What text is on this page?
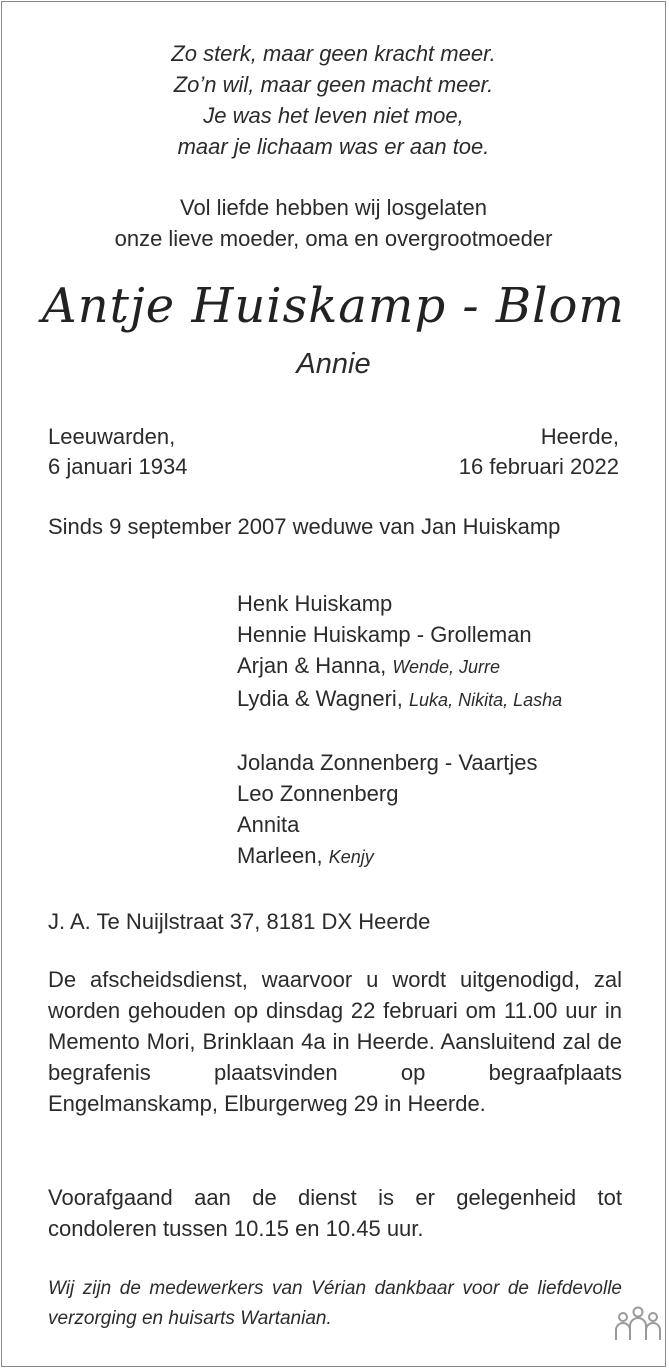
Zo sterk, maar geen kracht meer.
Zo’n wil, maar geen macht meer.
Je was het leven niet moe,
maar je lichaam was er aan toe.
Vol liefde hebben wij losgelaten
onze lieve moeder, oma en overgrootmoeder
Antje Huiskamp - Blom
Annie
Leeuwarden,
6 januari 1934
Heerde,
16 februari 2022
Sinds 9 september 2007 weduwe van Jan Huiskamp
Henk Huiskamp
Hennie Huiskamp - Grolleman
Arjan & Hanna, Wende, Jurre
Lydia & Wagneri, Luka, Nikita, Lasha
Jolanda Zonnenberg - Vaartjes
Leo Zonnenberg
Annita
Marleen, Kenjy
J. A. Te Nuijlstraat 37, 8181 DX Heerde
De afscheidsdienst, waarvoor u wordt uitgenodigd, zal worden gehouden op dinsdag 22 februari om 11.00 uur in Memento Mori, Brinklaan 4a in Heerde. Aansluitend zal de begrafenis plaatsvinden op begraafplaats Engelmanskamp, Elburgerweg 29 in Heerde.
Voorafgaand aan de dienst is er gelegenheid tot condoleren tussen 10.15 en 10.45 uur.
Wij zijn de medewerkers van Vérian dankbaar voor de liefdevolle verzorging en huisarts Wartanian.
